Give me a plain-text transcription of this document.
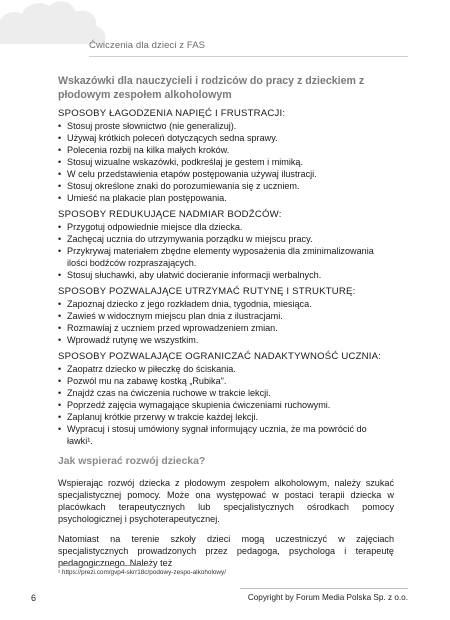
Ćwiczenia dla dzieci z FAS
Wskazówki dla nauczycieli i rodziców do pracy z dzieckiem z płodowym zespołem alkoholowym
SPOSOBY ŁAGODZENIA NAPIĘĆ I FRUSTRACJI:
• Stosuj proste słownictwo (nie generalizuj).
• Używaj krótkich poleceń dotyczących sedna sprawy.
• Polecenia rozbij na kilka małych kroków.
• Stosuj wizualne wskazówki, podkreślaj je gestem i mimiką.
• W celu przedstawienia etapów postępowania używaj ilustracji.
• Stosuj określone znaki do porozumiewania się z uczniem.
• Umieść na plakacie plan postępowania.
SPOSOBY REDUKUJĄCE NADMIAR BODŹCÓW:
• Przygotuj odpowiednie miejsce dla dziecka.
• Zachęcaj ucznia do utrzymywania porządku w miejscu pracy.
• Przykrywaj materiałem zbędne elementy wyposażenia dla zminimalizowania ilości bodźców rozpraszających.
• Stosuj słuchawki, aby ułatwić docieranie informacji werbalnych.
SPOSOBY POZWALAJĄCE UTRZYMAĆ RUTYNĘ I STRUKTURĘ:
• Zapoznaj dziecko z jego rozkładem dnia, tygodnia, miesiąca.
• Zawieś w widocznym miejscu plan dnia z ilustracjami.
• Rozmawiaj z uczniem przed wprowadzeniem zmian.
• Wprowadź rutynę we wszystkim.
SPOSOBY POZWALAJĄCE OGRANICZAĆ NADAKTYWNOŚĆ UCZNIA:
• Zaopatrz dziecko w piłeczkę do ściskania.
• Pozwól mu na zabawę kostką „Rubika".
• Znajdź czas na ćwiczenia ruchowe w trakcie lekcji.
• Poprzedź zajęcia wymagające skupienia ćwiczeniami ruchowymi.
• Zaplanuj krótkie przerwy w trakcie każdej lekcji.
• Wypracuj i stosuj umówiony sygnał informujący ucznia, że ma powrócić do ławki¹.
Jak wspierać rozwój dziecka?

Wspierając rozwój dziecka z płodowym zespołem alkoholowym, należy szukać specjalistycznej pomocy. Może ona występować w postaci terapii dziecka w placówkach terapeutycznych lub specjalistycznych ośrodkach pomocy psychologicznej i psychoterapeutycznej.

Natomiast na terenie szkoły dzieci mogą uczestniczyć w zajęciach specjalistycznych prowadzonych przez pedagoga, psychologa i terapeutę pedagogicznego. Należy też

¹ https://prezi.com/gvp4-skrr18c/podowy-zespo-alkoholowy/
6	Copyright by Forum Media Polska Sp. z o.o.
